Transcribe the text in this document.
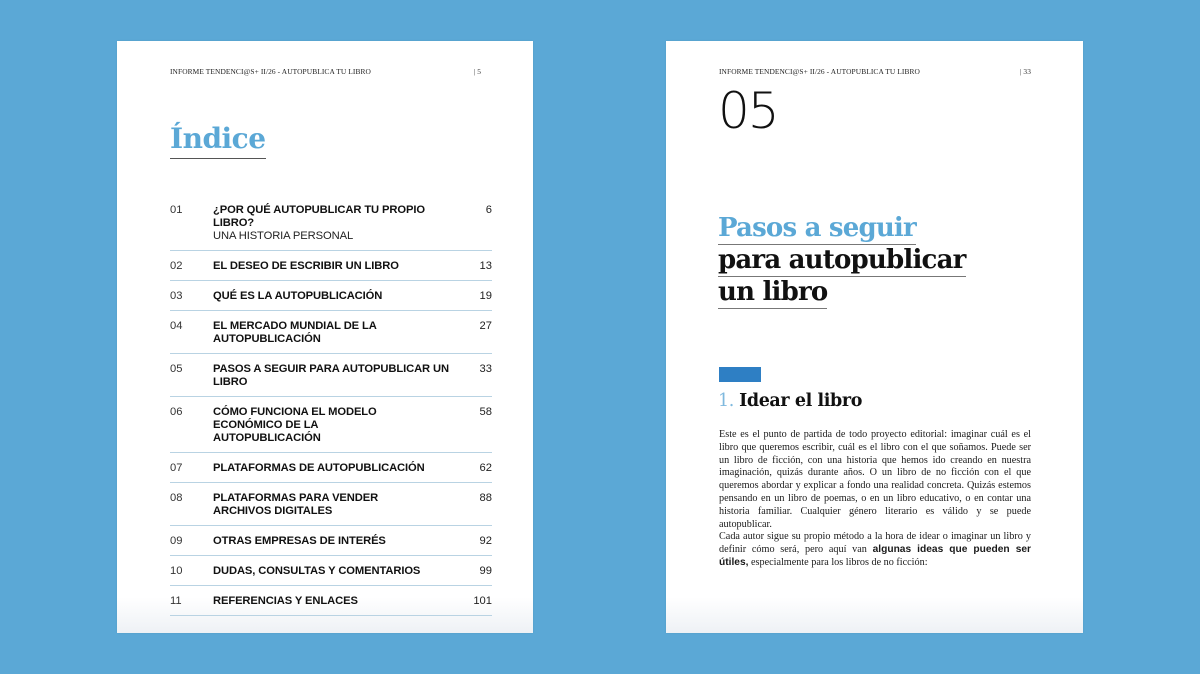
INFORME TENDENCI@S+ II/26 - AUTOPUBLICA TU LIBRO	| 5
Índice
01	¿POR QUÉ AUTOPUBLICAR TU PROPIO LIBRO?
UNA HISTORIA PERSONAL
6
02	EL DESEO DE ESCRIBIR UN LIBRO	13
03	QUÉ ES LA AUTOPUBLICACIÓN	19
04	EL MERCADO MUNDIAL DE LA AUTOPUBLICACIÓN
27
05	PASOS A SEGUIR PARA AUTOPUBLICAR UN LIBRO
33
06	CÓMO FUNCIONA EL MODELO ECONÓMICO DE LA AUTOPUBLICACIÓN
58
07	PLATAFORMAS DE AUTOPUBLICACIÓN	62
08	PLATAFORMAS PARA VENDER ARCHIVOS DIGITALES
88
09	OTRAS EMPRESAS DE INTERÉS	92
10	DUDAS, CONSULTAS Y COMENTARIOS	99
11	REFERENCIAS Y ENLACES	101
INFORME TENDENCI@S+ II/26 - AUTOPUBLICA TU LIBRO	| 33
05
Pasos a seguir
para autopublicar
un libro
1. Idear el libro

Este es el punto de partida de todo proyecto editorial: imaginar cuál es el libro que queremos escribir, cuál es el libro con el que soñamos. Puede ser un libro de ficción, con una historia que hemos ido creando en nuestra imaginación, quizás durante años. O un libro de no ficción con el que queremos abordar y explicar a fondo una realidad concreta. Quizás estemos pensando en un libro de poemas, o en un libro educativo, o en contar una historia familiar. Cualquier género literario es válido y se puede autopublicar.

Cada autor sigue su propio método a la hora de idear o imaginar un libro y definir cómo será, pero aquí van algunas ideas que pueden ser útiles, especialmente para los libros de no ficción:
